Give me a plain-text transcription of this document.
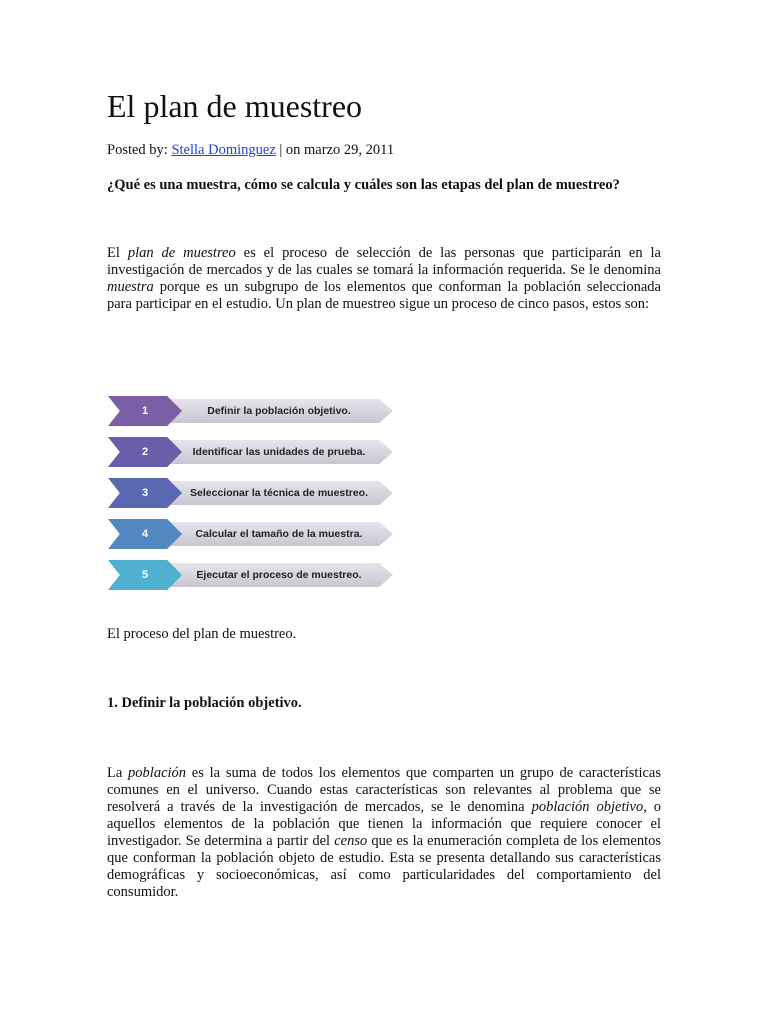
El plan de muestreo

Posted by: Stella Dominguez | on marzo 29, 2011

¿Qué es una muestra, cómo se calcula y cuáles son las etapas del plan de muestreo?

El plan de muestreo es el proceso de selección de las personas que participarán en la investigación de mercados y de las cuales se tomará la información requerida. Se le denomina muestra porque es un subgrupo de los elementos que conforman la población seleccionada para participar en el estudio. Un plan de muestreo sigue un proceso de cinco pasos, estos son:

1	Definir la población objetivo.
2	Identificar las unidades de prueba.
3	Seleccionar la técnica de muestreo.
4	Calcular el tamaño de la muestra.
5	Ejecutar el proceso de muestreo.

El proceso del plan de muestreo.

1. Definir la población objetivo.

La población es la suma de todos los elementos que comparten un grupo de características comunes en el universo. Cuando estas características son relevantes al problema que se resolverá a través de la investigación de mercados, se le denomina población objetivo, o aquellos elementos de la población que tienen la información que requiere conocer el investigador. Se determina a partir del censo que es la enumeración completa de los elementos que conforman la población objeto de estudio. Esta se presenta detallando sus características demográficas y socioeconómicas, así como particularidades del comportamiento del consumidor.
